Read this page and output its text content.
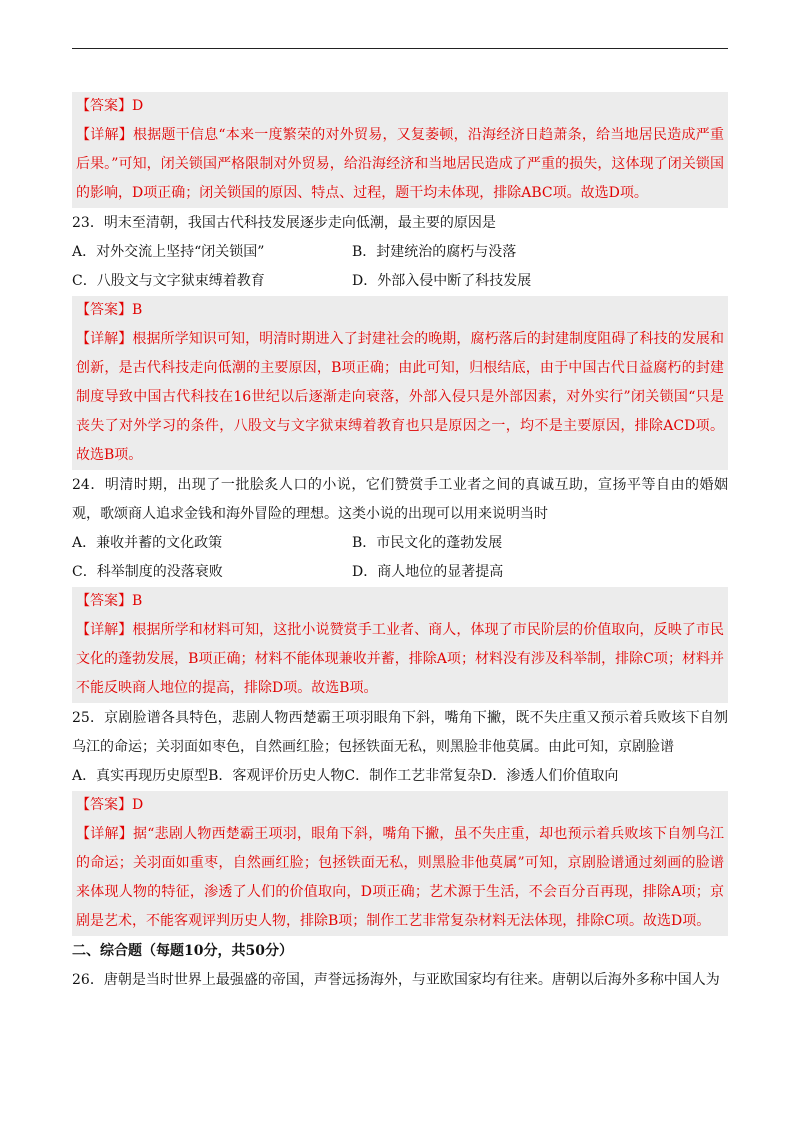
【答案】D

【详解】根据题干信息“本来一度繁荣的对外贸易，又复萎顿，沿海经济日趋萧条，给当地居民造成严重后果。”可知，闭关锁国严格限制对外贸易，给沿海经济和当地居民造成了严重的损失，这体现了闭关锁国的影响，D项正确；闭关锁国的原因、特点、过程，题干均未体现，排除ABC项。故选D项。

23．明末至清朝，我国古代科技发展逐步走向低潮，最主要的原因是

A．对外交流上坚持“闭关锁国”	B．封建统治的腐朽与没落
C．八股文与文字狱束缚着教育	D．外部入侵中断了科技发展

【答案】B

【详解】根据所学知识可知，明清时期进入了封建社会的晚期，腐朽落后的封建制度阻碍了科技的发展和创新，是古代科技走向低潮的主要原因，B项正确；由此可知，归根结底，由于中国古代日益腐朽的封建制度导致中国古代科技在16世纪以后逐渐走向衰落，外部入侵只是外部因素，对外实行”闭关锁国“只是丧失了对外学习的条件，八股文与文字狱束缚着教育也只是原因之一，均不是主要原因，排除ACD项。故选B项。

24．明清时期，出现了一批脍炙人口的小说，它们赞赏手工业者之间的真诚互助，宣扬平等自由的婚姻观，歌颂商人追求金钱和海外冒险的理想。这类小说的出现可以用来说明当时

A．兼收并蓄的文化政策	B．市民文化的蓬勃发展
C．科举制度的没落衰败	D．商人地位的显著提高

【答案】B

【详解】根据所学和材料可知，这批小说赞赏手工业者、商人，体现了市民阶层的价值取向，反映了市民文化的蓬勃发展，B项正确；材料不能体现兼收并蓄，排除A项；材料没有涉及科举制，排除C项；材料并不能反映商人地位的提高，排除D项。故选B项。

25．京剧脸谱各具特色，悲剧人物西楚霸王项羽眼角下斜，嘴角下撇，既不失庄重又预示着兵败垓下自刎乌江的命运；关羽面如枣色，自然画红脸；包拯铁面无私，则黑脸非他莫属。由此可知，京剧脸谱

A．真实再现历史原型B．客观评价历史人物C．制作工艺非常复杂D．渗透人们价值取向

【答案】D

【详解】据“悲剧人物西楚霸王项羽，眼角下斜，嘴角下撇，虽不失庄重，却也预示着兵败垓下自刎乌江的命运；关羽面如重枣，自然画红脸；包拯铁面无私，则黑脸非他莫属”可知，京剧脸谱通过刻画的脸谱来体现人物的特征，渗透了人们的价值取向，D项正确；艺术源于生活，不会百分百再现，排除A项；京剧是艺术，不能客观评判历史人物，排除B项；制作工艺非常复杂材料无法体现，排除C项。故选D项。

二、综合题（每题10分，共50分）

26．唐朝是当时世界上最强盛的帝国，声誉远扬海外，与亚欧国家均有往来。唐朝以后海外多称中国人为
